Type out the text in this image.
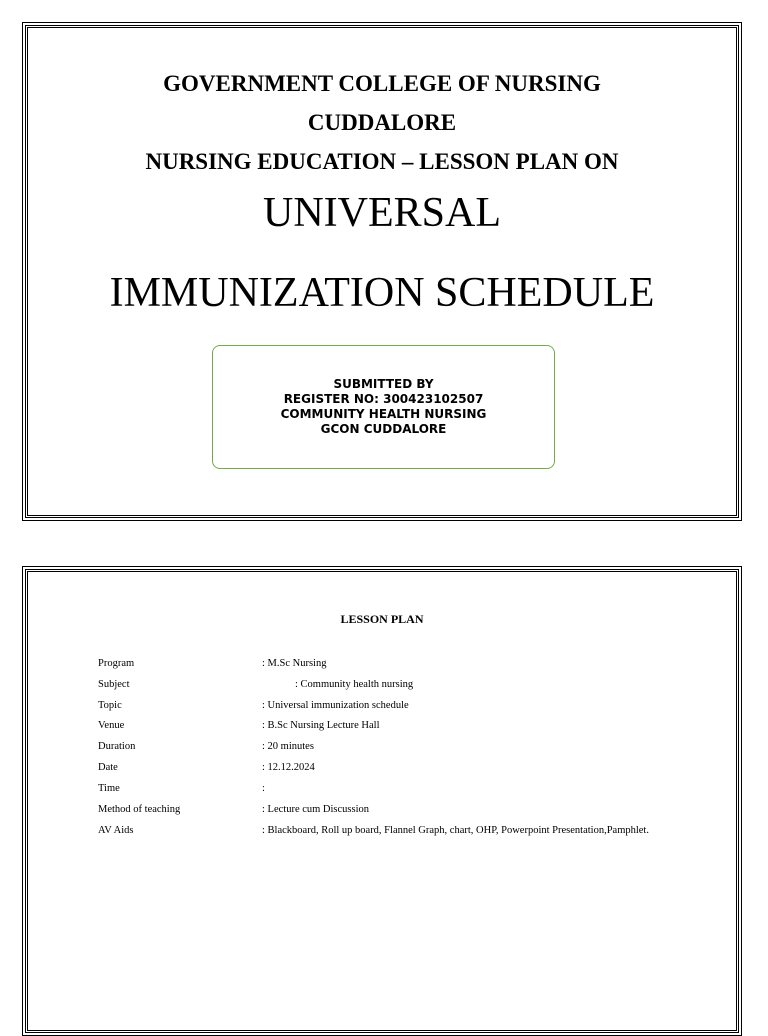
GOVERNMENT COLLEGE OF NURSING
CUDDALORE
NURSING EDUCATION – LESSON PLAN ON
UNIVERSAL
IMMUNIZATION SCHEDULE
SUBMITTED BY
REGISTER NO: 300423102507
COMMUNITY HEALTH NURSING
GCON CUDDALORE
LESSON PLAN
Program	: M.Sc Nursing
Subject	: Community health nursing
Topic	: Universal immunization schedule
Venue	: B.Sc Nursing Lecture Hall
Duration	: 20 minutes
Date	: 12.12.2024
Time	:
Method of teaching	: Lecture cum Discussion
AV Aids	: Blackboard, Roll up board, Flannel Graph, chart, OHP, Powerpoint Presentation,Pamphlet.
